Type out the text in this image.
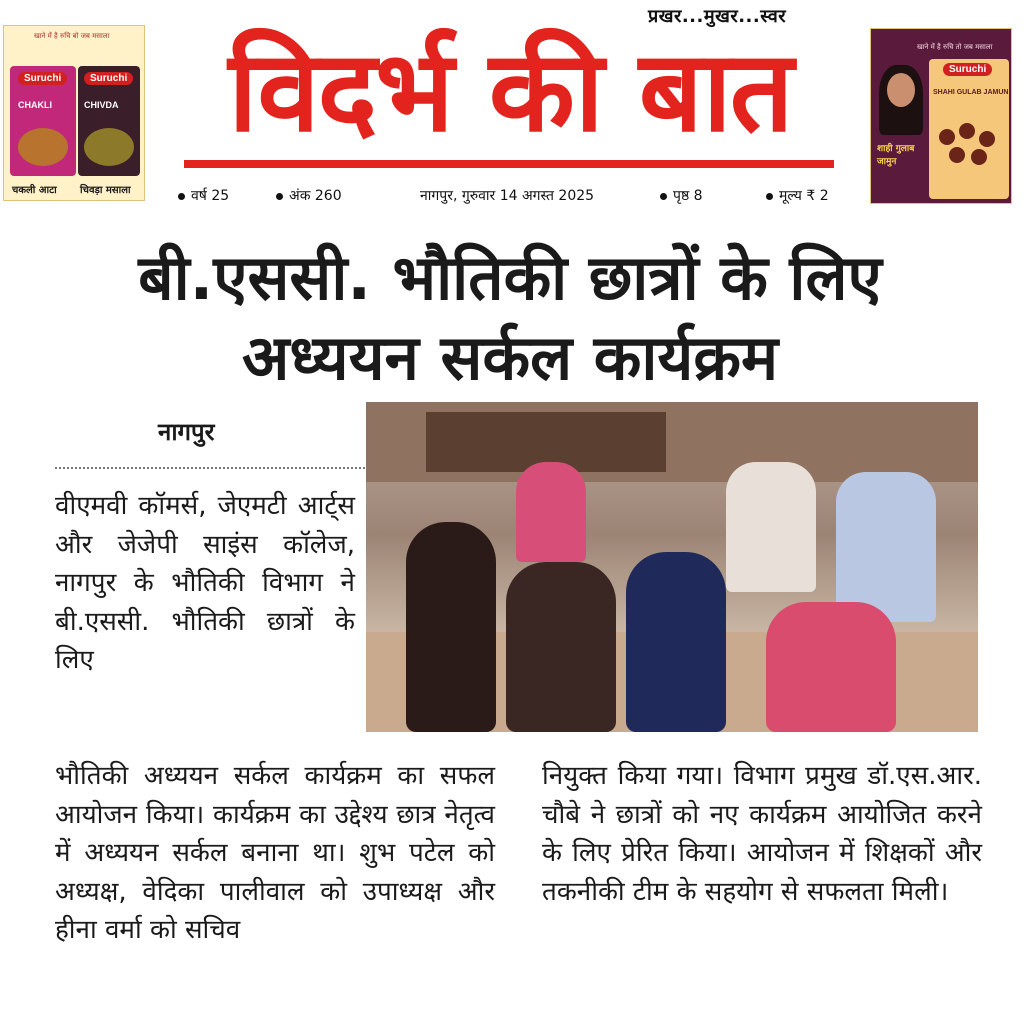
खाने में है रुचि बो जब मसाला
Suruchi
CHAKLI
Suruchi
CHIVDA
चकली आटा चिवड़ा मसाला
प्रखर...मुखर...स्वर
विदर्भ की बात
वर्ष 25	अंक 260	नागपुर, गुरुवार 14 अगस्त 2025	पृष्ठ 8	मूल्य ₹ 2
खाने में है रुचि तो जब मसाला
शाही गुलाब जामुन
Suruchi
SHAHI GULAB JAMUN
बी.एससी. भौतिकी छात्रों के लिए
अध्ययन सर्कल कार्यक्रम
नागपुर

वीएमवी कॉमर्स, जेएमटी आर्ट्स और जेजेपी साइंस कॉलेज, नागपुर के भौतिकी विभाग ने बी.एससी. भौतिकी छात्रों के लिए

भौतिकी अध्ययन सर्कल कार्यक्रम का सफल आयोजन किया। कार्यक्रम का उद्देश्य छात्र नेतृत्व में अध्ययन सर्कल बनाना था। शुभ पटेल को अध्यक्ष, वेदिका पालीवाल को उपाध्यक्ष और हीना वर्मा को सचिव

नियुक्त किया गया। विभाग प्रमुख डॉ.एस.आर. चौबे ने छात्रों को नए कार्यक्रम आयोजित करने के लिए प्रेरित किया। आयोजन में शिक्षकों और तकनीकी टीम के सहयोग से सफलता मिली।
